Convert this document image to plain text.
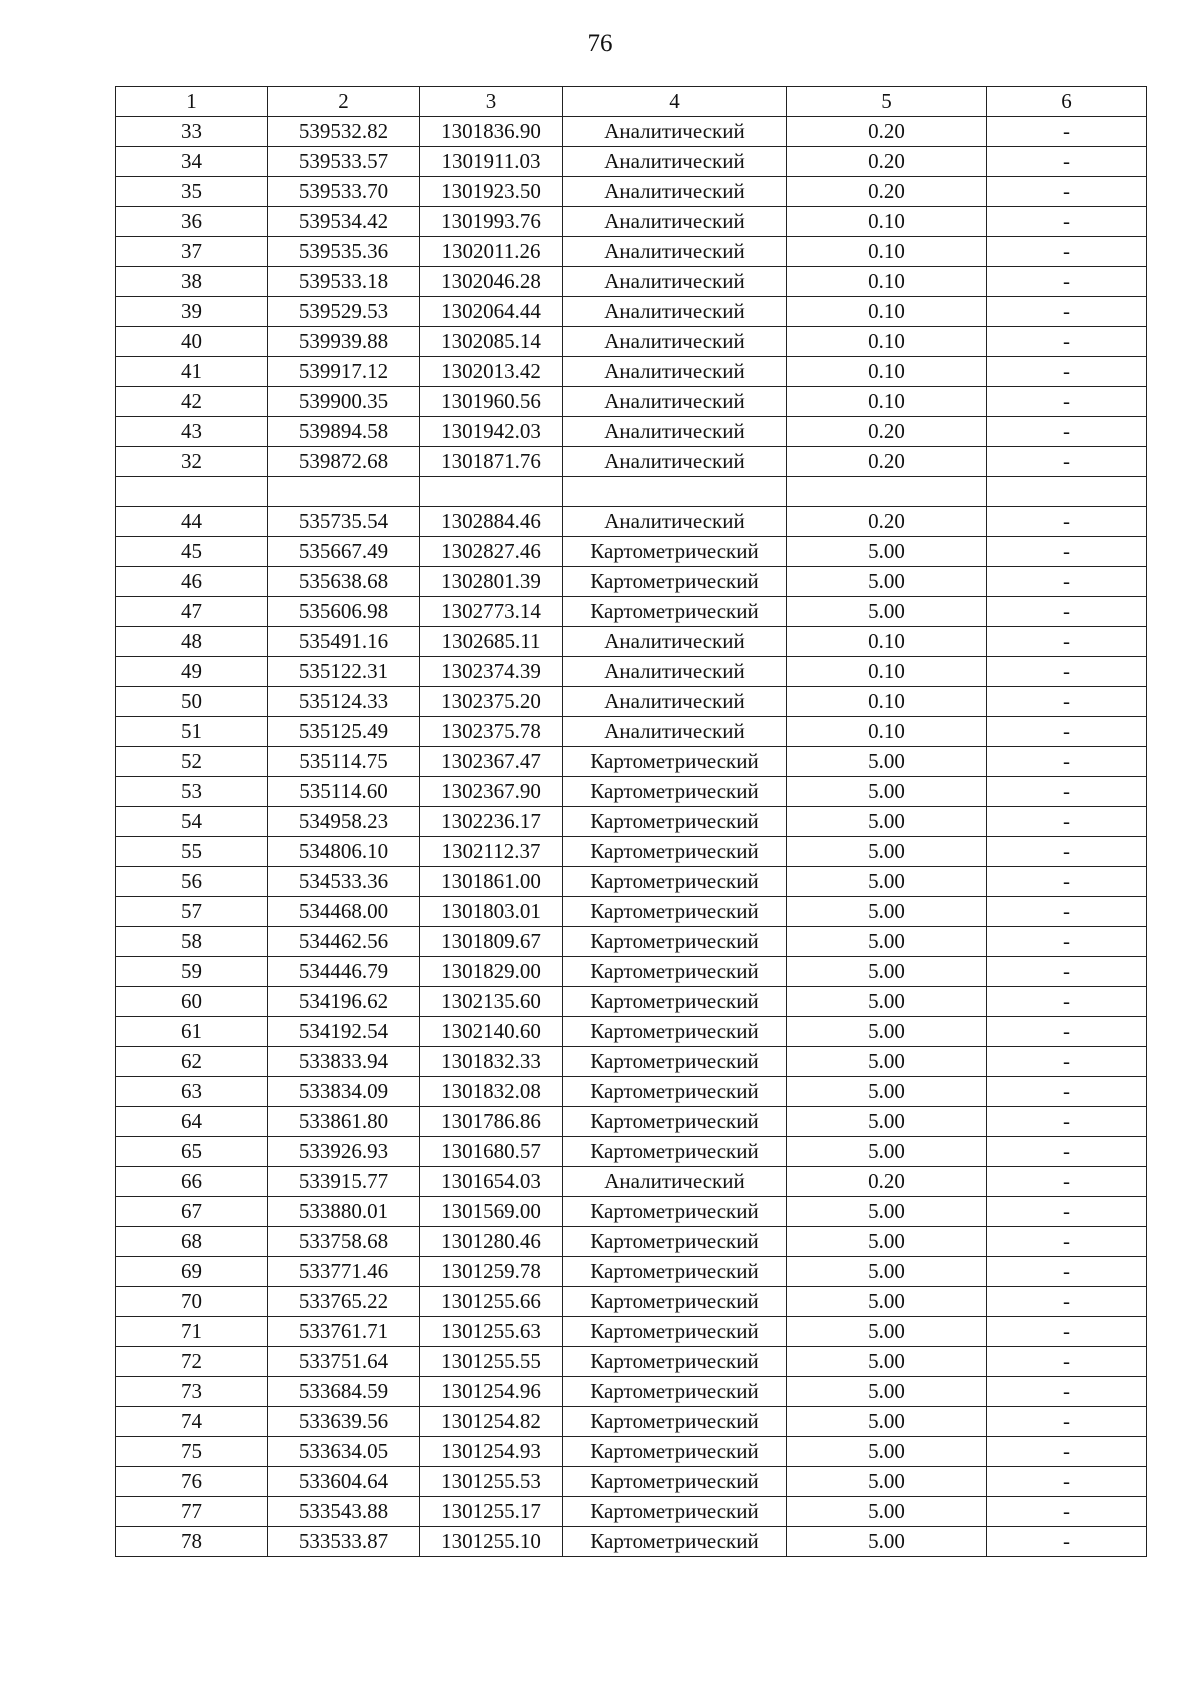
76
1	2	3	4	5	6
33	539532.82	1301836.90	Аналитический	0.20	-
34	539533.57	1301911.03	Аналитический	0.20	-
35	539533.70	1301923.50	Аналитический	0.20	-
36	539534.42	1301993.76	Аналитический	0.10	-
37	539535.36	1302011.26	Аналитический	0.10	-
38	539533.18	1302046.28	Аналитический	0.10	-
39	539529.53	1302064.44	Аналитический	0.10	-
40	539939.88	1302085.14	Аналитический	0.10	-
41	539917.12	1302013.42	Аналитический	0.10	-
42	539900.35	1301960.56	Аналитический	0.10	-
43	539894.58	1301942.03	Аналитический	0.20	-
32	539872.68	1301871.76	Аналитический	0.20	-

44	535735.54	1302884.46	Аналитический	0.20	-
45	535667.49	1302827.46	Картометрический	5.00	-
46	535638.68	1302801.39	Картометрический	5.00	-
47	535606.98	1302773.14	Картометрический	5.00	-
48	535491.16	1302685.11	Аналитический	0.10	-
49	535122.31	1302374.39	Аналитический	0.10	-
50	535124.33	1302375.20	Аналитический	0.10	-
51	535125.49	1302375.78	Аналитический	0.10	-
52	535114.75	1302367.47	Картометрический	5.00	-
53	535114.60	1302367.90	Картометрический	5.00	-
54	534958.23	1302236.17	Картометрический	5.00	-
55	534806.10	1302112.37	Картометрический	5.00	-
56	534533.36	1301861.00	Картометрический	5.00	-
57	534468.00	1301803.01	Картометрический	5.00	-
58	534462.56	1301809.67	Картометрический	5.00	-
59	534446.79	1301829.00	Картометрический	5.00	-
60	534196.62	1302135.60	Картометрический	5.00	-
61	534192.54	1302140.60	Картометрический	5.00	-
62	533833.94	1301832.33	Картометрический	5.00	-
63	533834.09	1301832.08	Картометрический	5.00	-
64	533861.80	1301786.86	Картометрический	5.00	-
65	533926.93	1301680.57	Картометрический	5.00	-
66	533915.77	1301654.03	Аналитический	0.20	-
67	533880.01	1301569.00	Картометрический	5.00	-
68	533758.68	1301280.46	Картометрический	5.00	-
69	533771.46	1301259.78	Картометрический	5.00	-
70	533765.22	1301255.66	Картометрический	5.00	-
71	533761.71	1301255.63	Картометрический	5.00	-
72	533751.64	1301255.55	Картометрический	5.00	-
73	533684.59	1301254.96	Картометрический	5.00	-
74	533639.56	1301254.82	Картометрический	5.00	-
75	533634.05	1301254.93	Картометрический	5.00	-
76	533604.64	1301255.53	Картометрический	5.00	-
77	533543.88	1301255.17	Картометрический	5.00	-
78	533533.87	1301255.10	Картометрический	5.00	-
